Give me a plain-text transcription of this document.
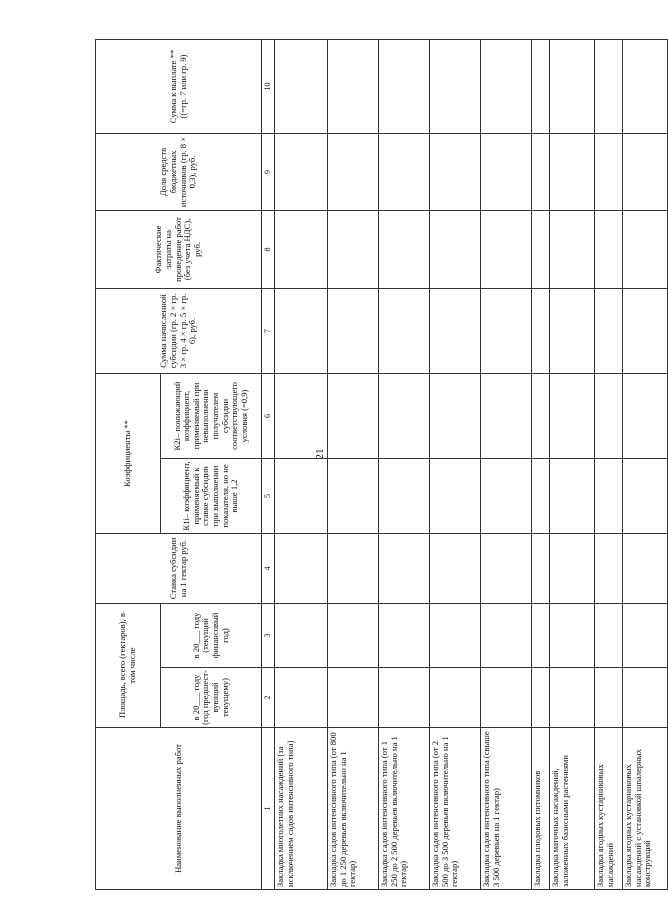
21
Наименование выполненных работ	Площадь, всего (гектаров), в том числе		Ставка субсидии на 1 гектар руб.	Коэффициенты **		Сумма начисленной субсидии (гр. 2 × гр. 3 × гр. 4 × гр. 5 × гр. 6), руб.	Фактические затраты на проведение работ (без учета НДС), руб.	Доля средств бюджетных источников (гр. 8 × 0,3), руб.	Сумма к выплате ** ((=гр. 7 или гр. 9)
	в 20___ году (год предшест-вующий текущему)	в 20___ году (текущий финансовый год)		К1i– коэффициент, применяемый к ставке субсидии при выполнении показателя, но не выше 1,2	К2i– понижающий коэффициент, применяемый при невыполнении получателем субсидии соответствующего условия (=0,9)				
1	2	3	4	5	6	7	8	9	10
Закладка многолетних насаждений (за исключением садов интенсивного типа)									
Закладка садов интенсивного типа (от 800 до 1 250 деревьев включительно на 1 гектар)									
Закладка садов интенсивного типа (от 1 250 до 2 500 деревьев включительно на 1 гектар)									
Закладка садов интенсивного типа (от 2 500 до 3 500 деревьев включительно на 1 гектар)									
Закладка садов интенсивного типа (свыше 3 500 деревьев на 1 гектар)									
Закладка плодовых питомников									
Закладка маточных насаждений, заложенных базисными растениями									
Закладка ягодных кустарниковых насаждений									
Закладка ягодных кустарниковых насаждений с установкой шпалерных конструкций									
